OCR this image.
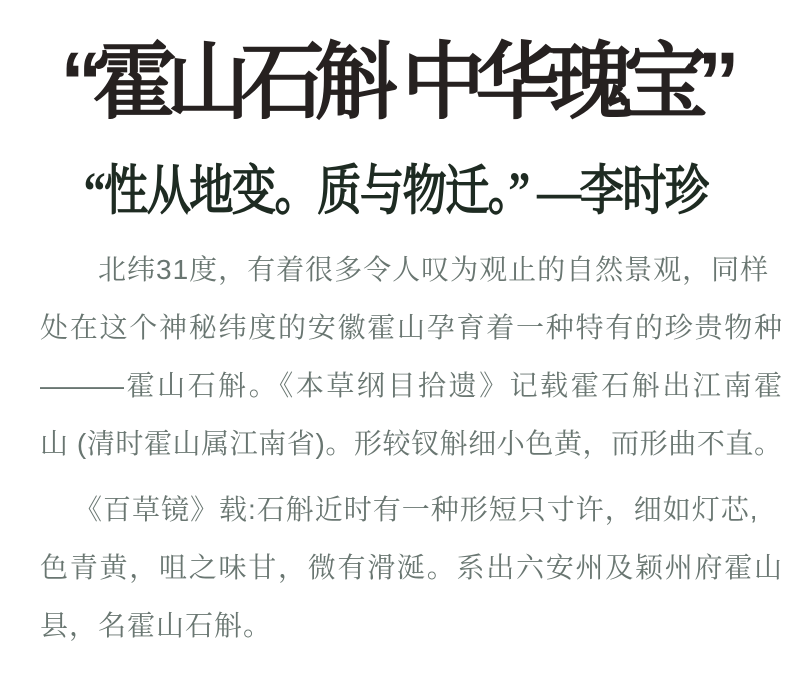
“霍山石斛 中华瑰宝”
“性从地变。质与物迁。” —李时珍
北纬31度，有着很多令人叹为观止的自然景观，同样
处在这个神秘纬度的安徽霍山孕育着一种特有的珍贵物种
———霍山石斛。《本草纲目拾遗》记载霍石斛出江南霍
山 (清时霍山属江南省)。形较钗斛细小色黄，而形曲不直。
《百草镜》载:石斛近时有一种形短只寸许，细如灯芯,
色青黄，咀之味甘，微有滑涎。系出六安州及颖州府霍山
县，名霍山石斛。
